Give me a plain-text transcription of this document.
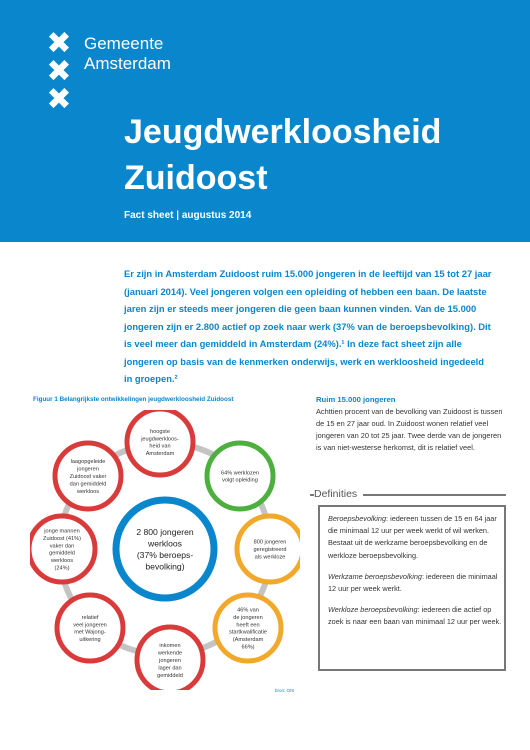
✖
✖
✖
Gemeente
Amsterdam
Jeugdwerkloosheid
Zuidoost
Fact sheet | augustus 2014
Er zijn in Amsterdam Zuidoost ruim 15.000 jongeren in de leeftijd van 15 tot 27 jaar (januari 2014). Veel jongeren volgen een opleiding of hebben een baan. De laatste jaren zijn er steeds meer jongeren die geen baan kunnen vinden. Van de 15.000 jongeren zijn er 2.800 actief op zoek naar werk (37% van de beroepsbevolking). Dit is veel meer dan gemiddeld in Amsterdam (24%).¹ In deze fact sheet zijn alle jongeren op basis van de kenmerken onderwijs, werk en werkloosheid ingedeeld in groepen.²
Figuur 1 Belangrijkste ontwikkelingen jeugdwerkloosheid Zuidoost
hoogste
jeugdwerkloos-
heid van
Amsterdam
64% werklozen
volgt opleiding
800 jongeren
geregistreerd
als werkloze
46% van
de jongeren
heeft een
startkwalificatie
(Amsterdam
66%)
inkomen
werkende
jongeren
lager dan
gemiddeld
relatief
veel jongeren
met Wajong-
uitkering
jonge mannen
Zuidoost (41%)
vaker dan
gemiddeld
werkloos
(24%)
laagopgeleide
jongeren
Zuidoost vaker
dan gemiddeld
werkloos
2 800 jongeren
werkloos
(37% beroeps-
bevolking)
bron: OIS
Ruim 15.000 jongeren
Achttien procent van de bevolking van Zuidoost is tussen de 15 en 27 jaar oud. In Zuidoost wonen relatief veel jongeren van 20 tot 25 jaar. Twee derde van de jongeren is van niet-westerse herkomst, dit is relatief veel.
Definities

Beroepsbevolking: iedereen tussen de 15 en 64 jaar die minimaal 12 uur per week werkt of wil werken. Bestaat uit de werkzame beroepsbevolking en de werkloze beroepsbevolking.

Werkzame beroepsbevolking: iedereen die minimaal 12 uur per week werkt.

Werkloze beroepsbevolking: iedereen die actief op zoek is naar een baan van minimaal 12 uur per week.
